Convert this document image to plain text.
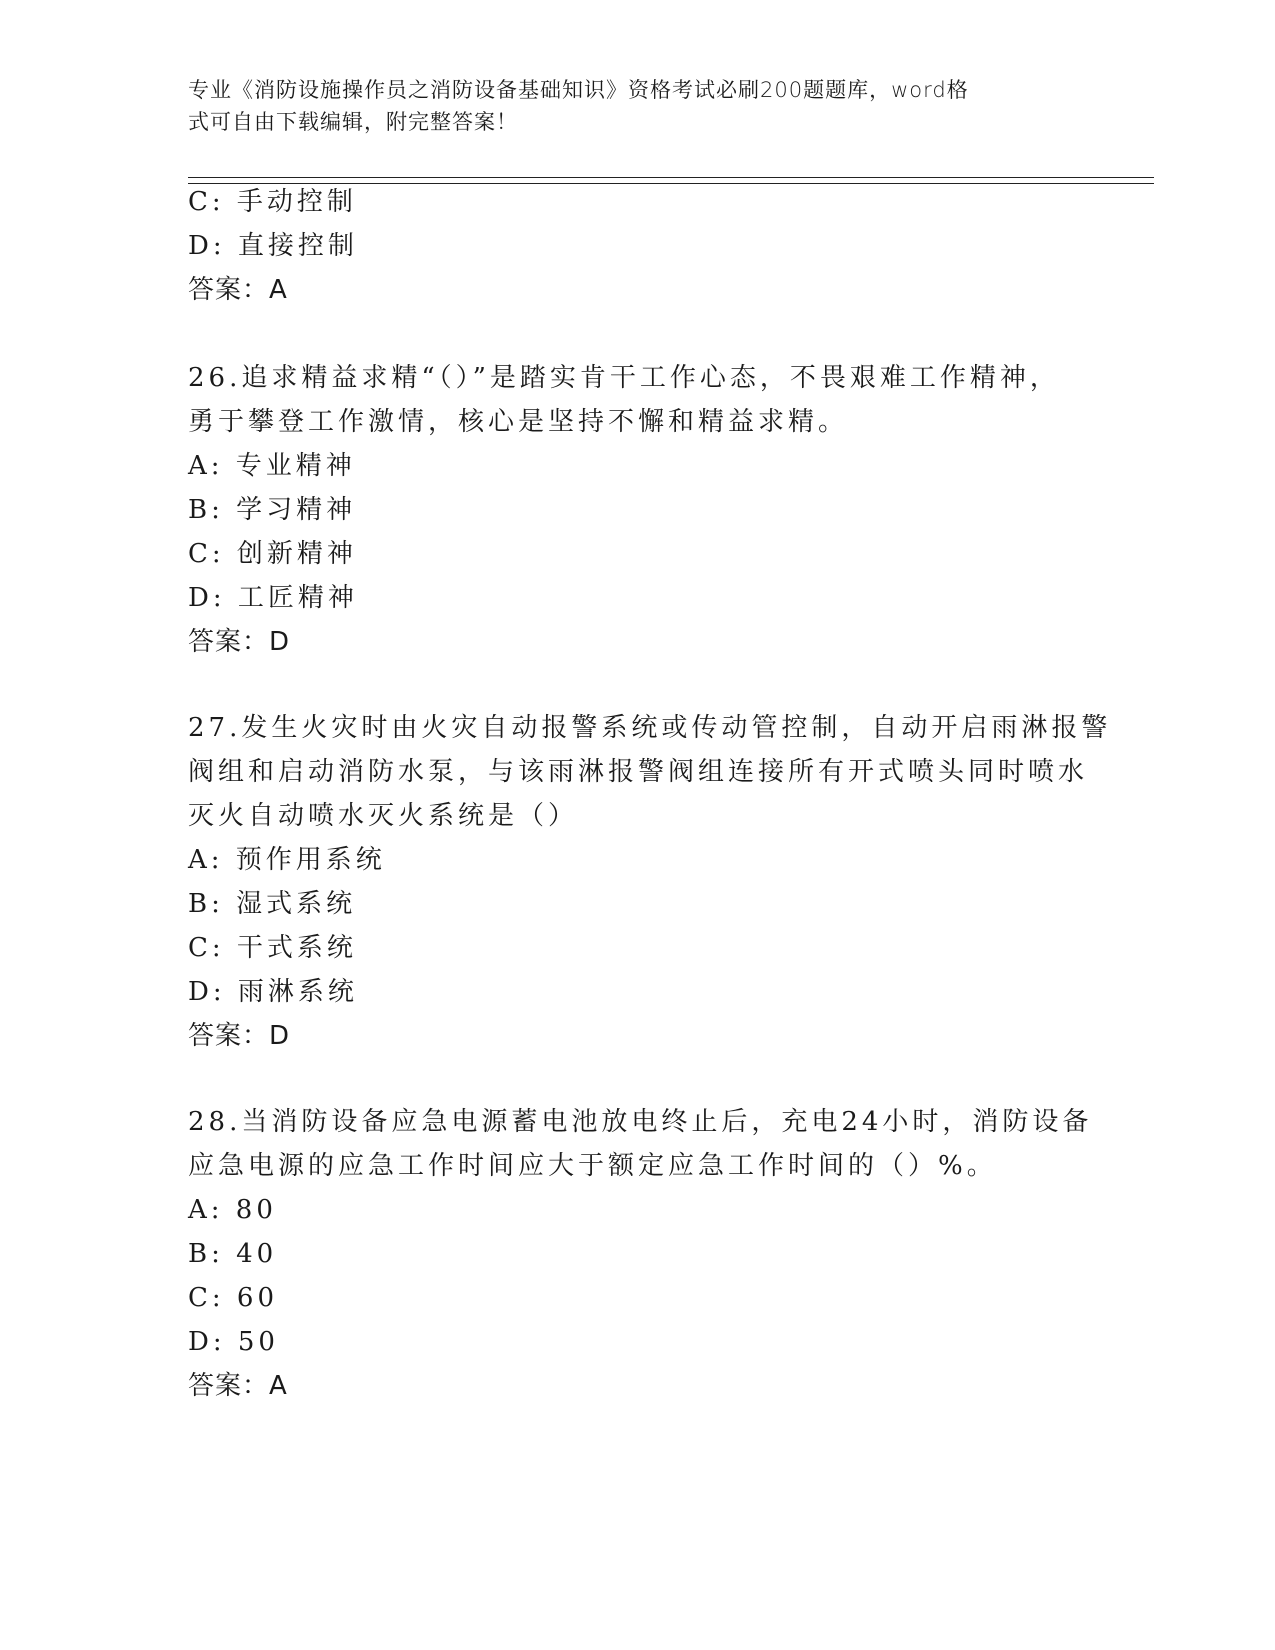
专业《消防设施操作员之消防设备基础知识》资格考试必刷200题题库，word格
式可自由下载编辑，附完整答案！
C: 手动控制
D: 直接控制
答案：A
26.追求精益求精“（）”是踏实肯干工作心态，不畏艰难工作精神，
勇于攀登工作激情，核心是坚持不懈和精益求精。
A: 专业精神
B: 学习精神
C: 创新精神
D: 工匠精神
答案：D
27.发生火灾时由火灾自动报警系统或传动管控制，自动开启雨淋报警
阀组和启动消防水泵，与该雨淋报警阀组连接所有开式喷头同时喷水
灭火自动喷水灭火系统是（）
A: 预作用系统
B: 湿式系统
C: 干式系统
D: 雨淋系统
答案：D
28.当消防设备应急电源蓄电池放电终止后，充电24小时，消防设备
应急电源的应急工作时间应大于额定应急工作时间的（）%。
A: 80
B: 40
C: 60
D: 50
答案：A
